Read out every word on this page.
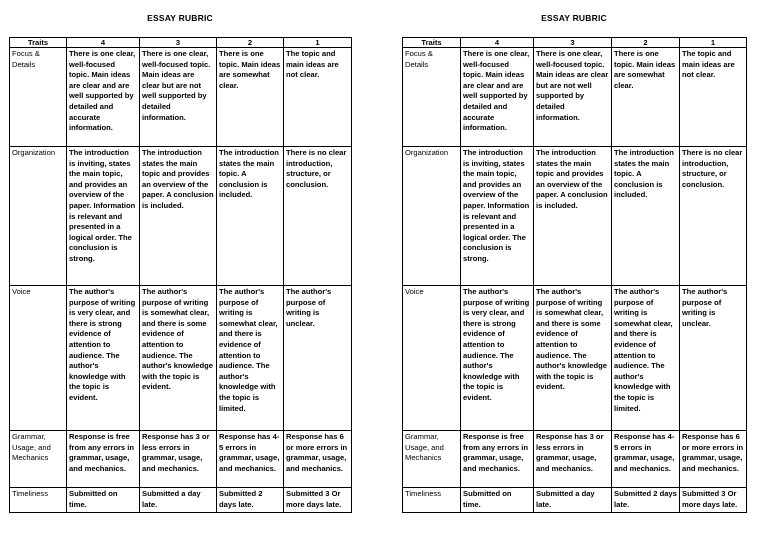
ESSAY RUBRIC
Traits	4	3	2	1
Focus & Details	There is one clear, well-focused topic. Main ideas are clear and are well supported by detailed and accurate information.	There is one clear, well-focused topic. Main ideas are clear but are not well supported by detailed information.	There is one topic. Main ideas are somewhat clear.	The topic and main ideas are not clear.
Organization	The introduction is inviting, states the main topic, and provides an overview of the paper. Information is relevant and presented in a logical order. The conclusion is strong.	The introduction states the main topic and provides an overview of the paper. A conclusion is included.	The introduction states the main topic. A conclusion is included.	There is no clear introduction, structure, or conclusion.
Voice	The author's purpose of writing is very clear, and there is strong evidence of attention to audience. The author's knowledge with the topic is evident.	The author's purpose of writing is somewhat clear, and there is some evidence of attention to audience. The author's knowledge with the topic is evident.	The author's purpose of writing is somewhat clear, and there is evidence of attention to audience. The author's knowledge with the topic is limited.	The author's purpose of writing is unclear.
Grammar, Usage, and Mechanics	Response is free from any errors in grammar, usage, and mechanics.	Response has 3 or less errors in grammar, usage, and mechanics.	Response has 4-5 errors in grammar, usage, and mechanics.	Response has 6 or more errors in grammar, usage, and mechanics.
Timeliness	Submitted on time.	Submitted a day late.	Submitted 2 days late.	Submitted 3 Or more days late.
ESSAY RUBRIC
Traits	4	3	2	1
Focus & Details	There is one clear, well-focused topic. Main ideas are clear and are well supported by detailed and accurate information.	There is one clear, well-focused topic. Main ideas are clear but are not well supported by detailed information.	There is one topic. Main ideas are somewhat clear.	The topic and main ideas are not clear.
Organization	The introduction is inviting, states the main topic, and provides an overview of the paper. Information is relevant and presented in a logical order. The conclusion is strong.	The introduction states the main topic and provides an overview of the paper. A conclusion is included.	The introduction states the main topic. A conclusion is included.	There is no clear introduction, structure, or conclusion.
Voice	The author's purpose of writing is very clear, and there is strong evidence of attention to audience. The author's knowledge with the topic is evident.	The author's purpose of writing is somewhat clear, and there is some evidence of attention to audience. The author's knowledge with the topic is evident.	The author's purpose of writing is somewhat clear, and there is evidence of attention to audience. The author's knowledge with the topic is limited.	The author's purpose of writing is unclear.
Grammar, Usage, and Mechanics	Response is free from any errors in grammar, usage, and mechanics.	Response has 3 or less errors in grammar, usage, and mechanics.	Response has 4-5 errors in grammar, usage, and mechanics.	Response has 6 or more errors in grammar, usage, and mechanics.
Timeliness	Submitted on time.	Submitted a day late.	Submitted 2 days late.	Submitted 3 Or more days late.
